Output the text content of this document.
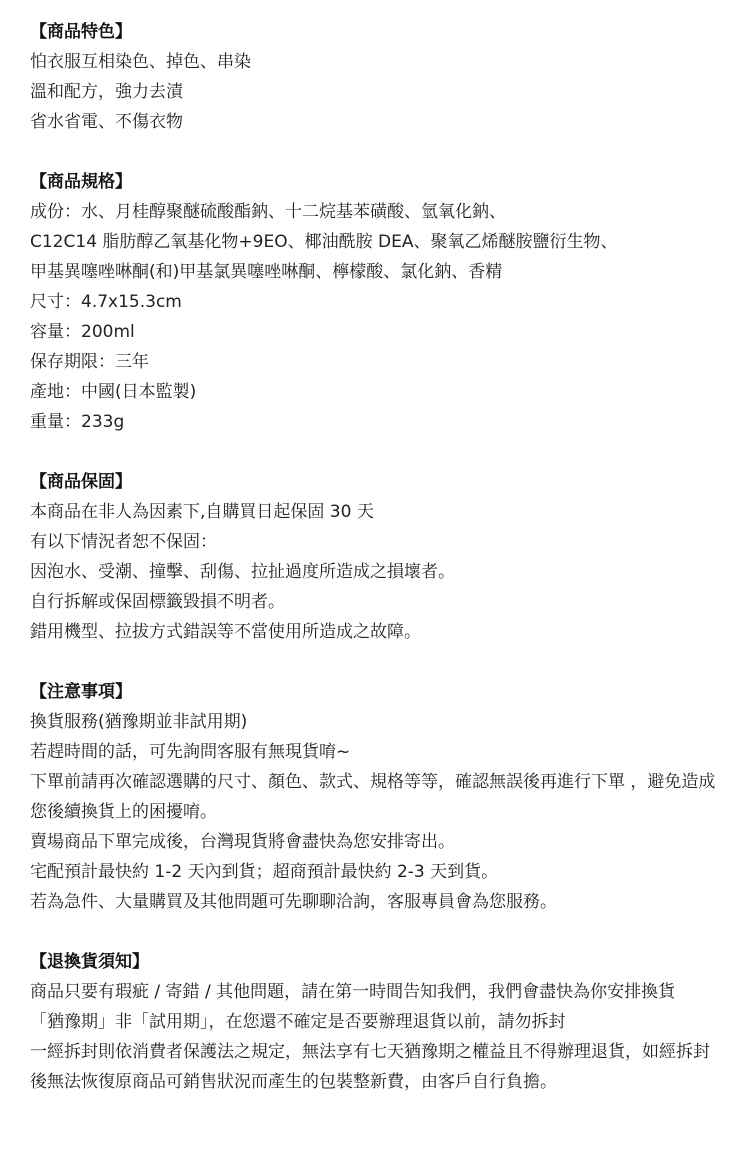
【商品特色】
怕衣服互相染色、掉色、串染
溫和配方，強力去漬
省水省電、不傷衣物
【商品規格】
成份：水、月桂醇聚醚硫酸酯鈉、十二烷基苯磺酸、氫氧化鈉、
C12C14 脂肪醇乙氧基化物+9EO、椰油酰胺 DEA、聚氧乙烯醚胺鹽衍生物、
甲基異噻唑啉酮(和)甲基氯異噻唑啉酮、檸檬酸、氯化鈉、香精
尺寸：4.7x15.3cm
容量：200ml
保存期限：三年
產地：中國(日本監製)
重量：233g
【商品保固】
本商品在非人為因素下,自購買日起保固 30 天
有以下情況者恕不保固：
因泡水、受潮、撞擊、刮傷、拉扯過度所造成之損壞者。
自行拆解或保固標籤毀損不明者。
錯用機型、拉拔方式錯誤等不當使用所造成之故障。
【注意事項】
換貨服務(猶豫期並非試用期)
若趕時間的話，可先詢問客服有無現貨唷~
下單前請再次確認選購的尺寸、顏色、款式、規格等等，確認無誤後再進行下單 ，避免造成您後續換貨上的困擾唷。
賣場商品下單完成後，台灣現貨將會盡快為您安排寄出。
宅配預計最快約 1-2 天內到貨；超商預計最快約 2-3 天到貨。
若為急件、大量購買及其他問題可先聊聊洽詢，客服專員會為您服務。
【退換貨須知】
商品只要有瑕疵 / 寄錯 / 其他問題，請在第一時間告知我們，我們會盡快為你安排換貨
「猶豫期」非「試用期」，在您還不確定是否要辦理退貨以前，請勿拆封
一經拆封則依消費者保護法之規定，無法享有七天猶豫期之權益且不得辦理退貨，如經拆封後無法恢復原商品可銷售狀況而產生的包裝整新費，由客戶自行負擔。
